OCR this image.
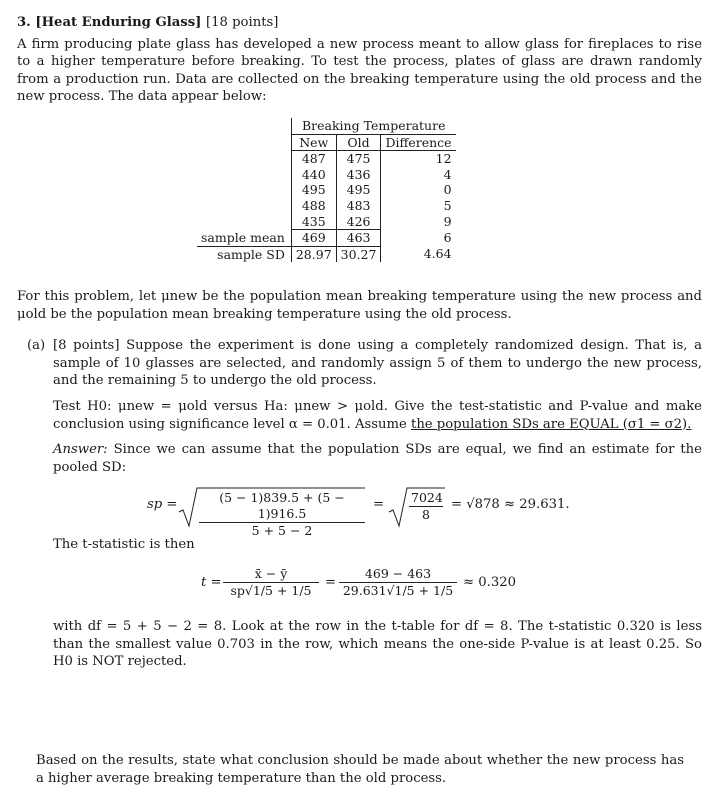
3. [Heat Enduring Glass] [18 points]

A firm producing plate glass has developed a new process meant to allow glass for fireplaces to rise to a higher temperature before breaking. To test the process, plates of glass are drawn randomly from a production run. Data are collected on the breaking temperature using the old process and the new process. The data appear below:

	Breaking Temperature		
	New	Old	Difference
	487	475	12
	440	436	4
	495	495	0
	488	483	5
	435	426	9
sample mean	469	463	6
sample SD	28.97	30.27	4.64

For this problem, let μnew be the population mean breaking temperature using the new process and μold be the population mean breaking temperature using the old process.

(a) [8 points] Suppose the experiment is done using a completely randomized design. That is, a sample of 10 glasses are selected, and randomly assign 5 of them to undergo the new process, and the remaining 5 to undergo the old process.

Test H0: μnew = μold versus Ha: μnew > μold. Give the test-statistic and P-value and make conclusion using significance level α = 0.01. Assume the population SDs are EQUAL (σ1 = σ2).

Answer: Since we can assume that the population SDs are equal, we find an estimate for the pooled SD:

sp = $\frac{(5 - 1)839.5 + (5 - 1)916.5}{5 + 5 - 2} = \frac{7024}{8} = √878 \approx 29.631$.

The t-statistic is then

$t = \frac{x̄ - ȳ}{sp√1/5 + 1/5} = \frac{469 - 463}{29.631√1/5 + 1/5} \approx 0.320$

with df = 5 + 5 − 2 = 8. Look at the row in the t-table for df = 8. The t-statistic 0.320 is less than the smallest value 0.703 in the row, which means the one-side P-value is at least 0.25. So H0 is NOT rejected.

Based on the results, state what conclusion should be made about whether the new process has a higher average breaking temperature than the old process.
